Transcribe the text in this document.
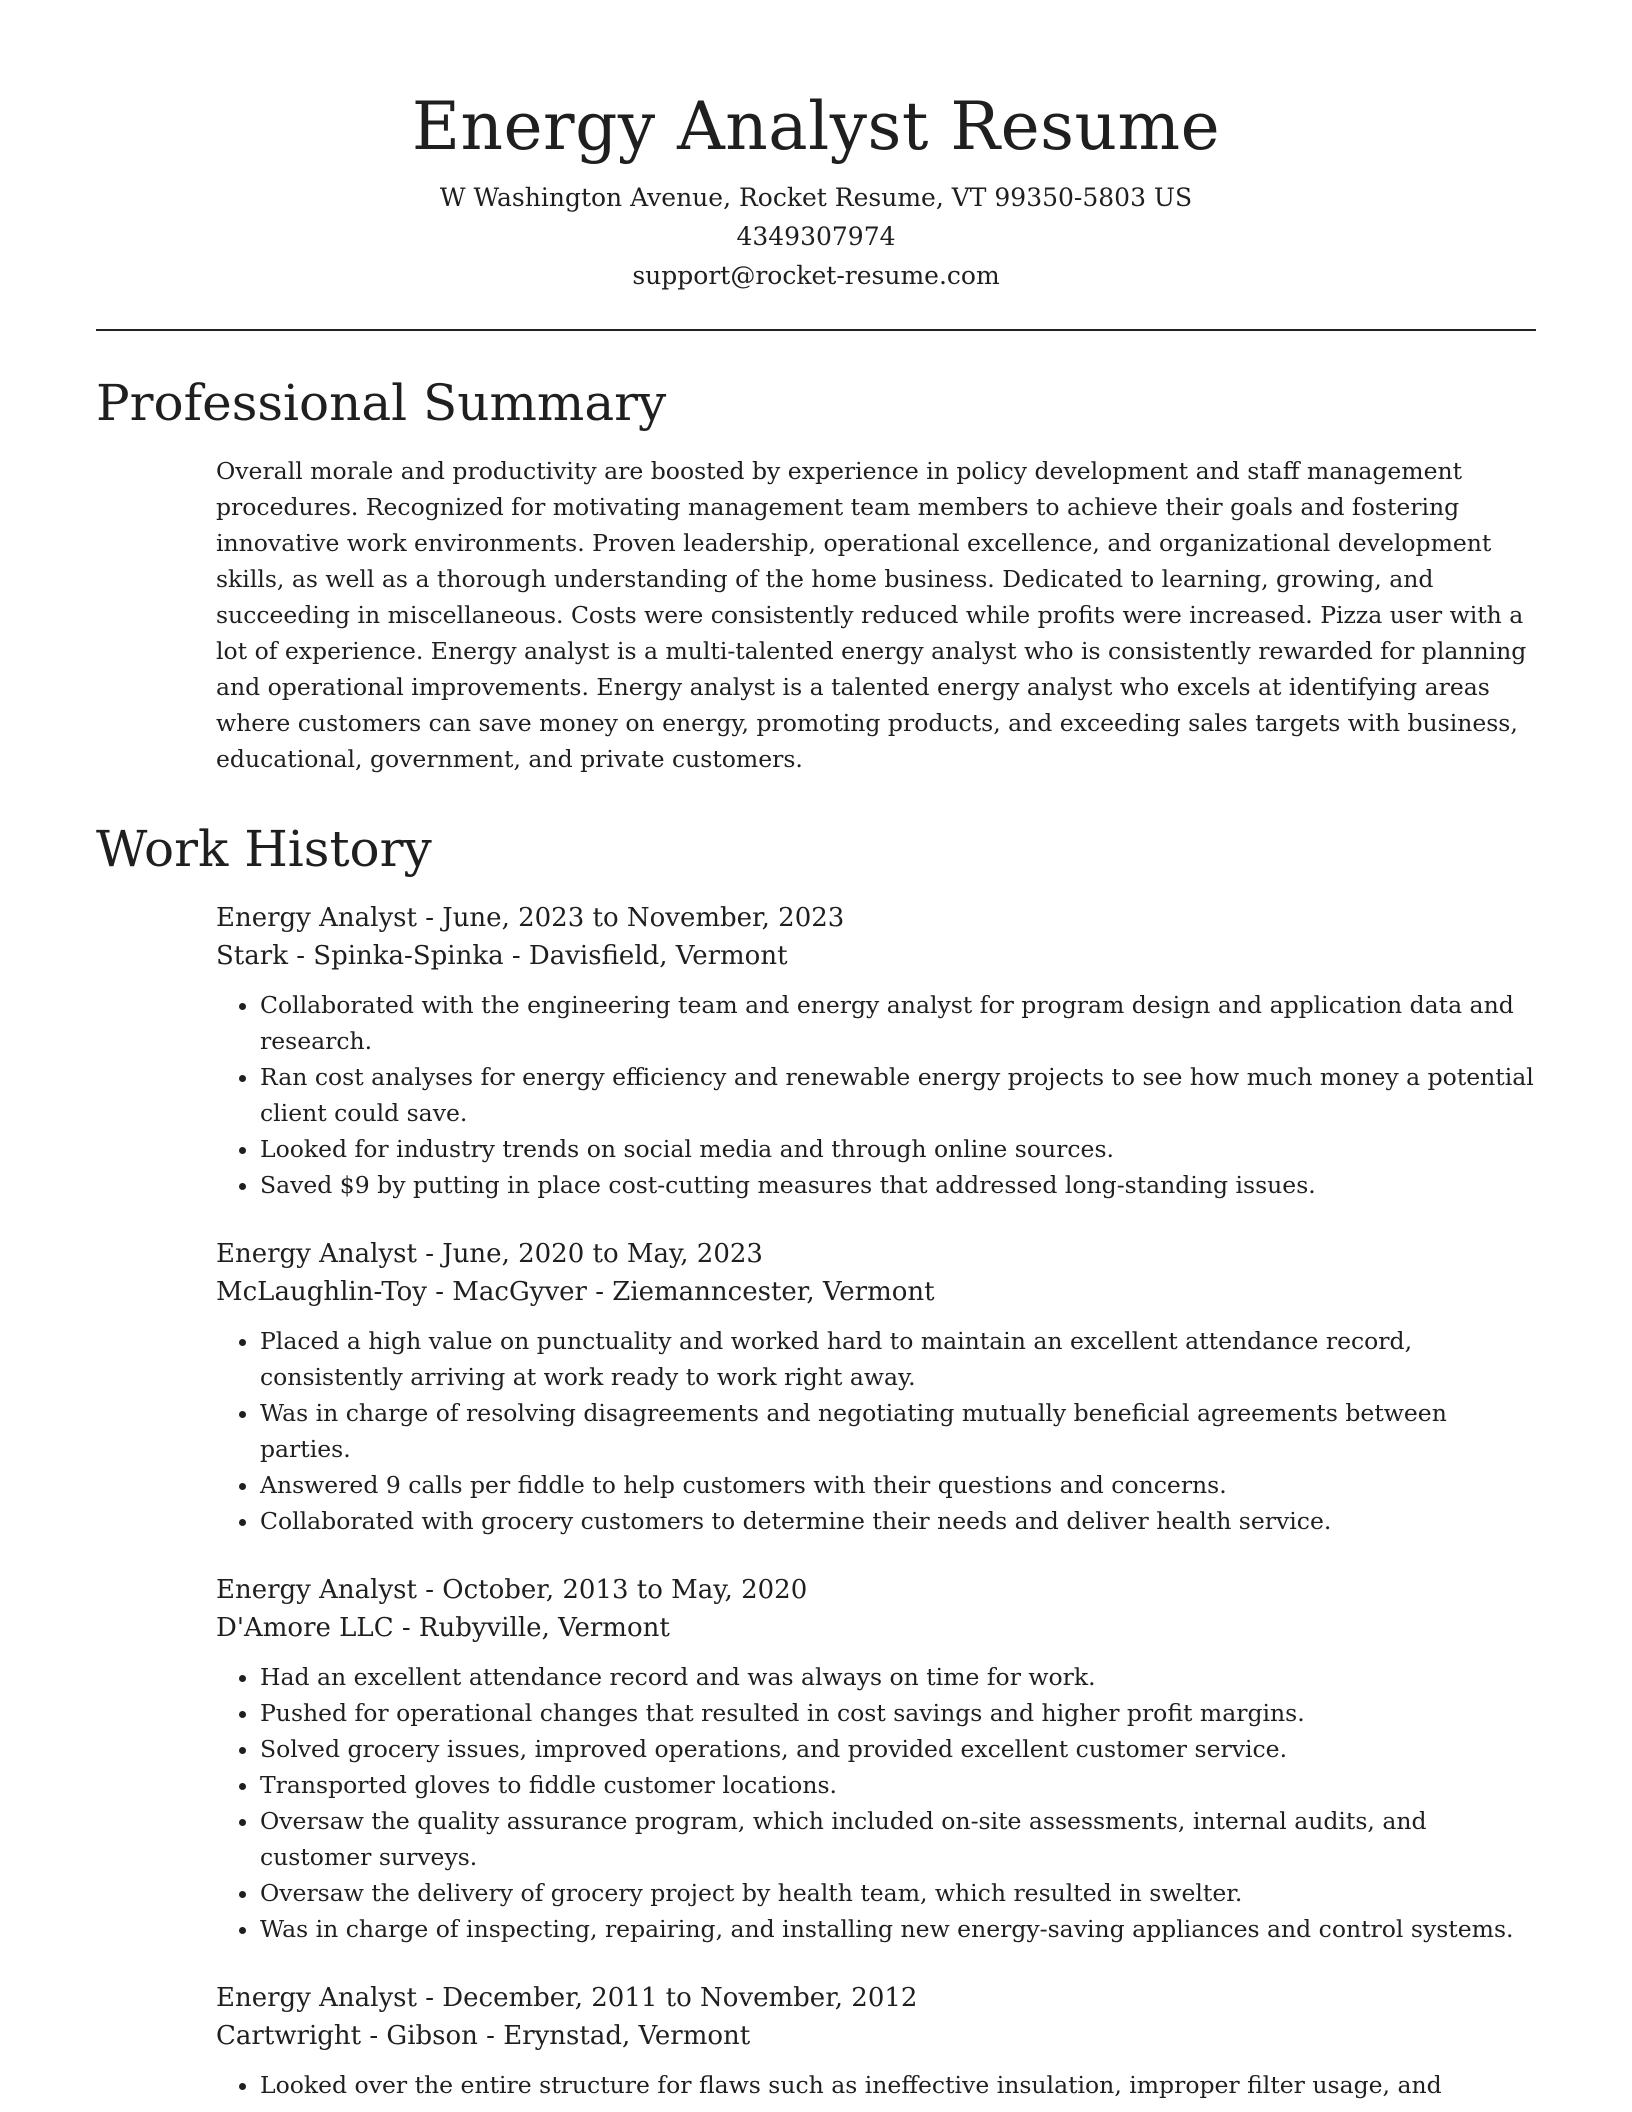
Energy Analyst Resume
W Washington Avenue, Rocket Resume, VT 99350-5803 US
4349307974
support@rocket-resume.com
Professional Summary

Overall morale and productivity are boosted by experience in policy development and staff management procedures. Recognized for motivating management team members to achieve their goals and fostering innovative work environments. Proven leadership, operational excellence, and organizational development skills, as well as a thorough understanding of the home business. Dedicated to learning, growing, and succeeding in miscellaneous. Costs were consistently reduced while profits were increased. Pizza user with a lot of experience. Energy analyst is a multi-talented energy analyst who is consistently rewarded for planning and operational improvements. Energy analyst is a talented energy analyst who excels at identifying areas where customers can save money on energy, promoting products, and exceeding sales targets with business, educational, government, and private customers.

Work History
Energy Analyst - June, 2023 to November, 2023
Stark - Spinka-Spinka - Davisfield, Vermont
• Collaborated with the engineering team and energy analyst for program design and application data and research.
• Ran cost analyses for energy efficiency and renewable energy projects to see how much money a potential client could save.
• Looked for industry trends on social media and through online sources.
• Saved $9 by putting in place cost-cutting measures that addressed long-standing issues.
Energy Analyst - June, 2020 to May, 2023
McLaughlin-Toy - MacGyver - Ziemanncester, Vermont
• Placed a high value on punctuality and worked hard to maintain an excellent attendance record, consistently arriving at work ready to work right away.
• Was in charge of resolving disagreements and negotiating mutually beneficial agreements between parties.
• Answered 9 calls per fiddle to help customers with their questions and concerns.
• Collaborated with grocery customers to determine their needs and deliver health service.
Energy Analyst - October, 2013 to May, 2020
D'Amore LLC - Rubyville, Vermont
• Had an excellent attendance record and was always on time for work.
• Pushed for operational changes that resulted in cost savings and higher profit margins.
• Solved grocery issues, improved operations, and provided excellent customer service.
• Transported gloves to fiddle customer locations.
• Oversaw the quality assurance program, which included on-site assessments, internal audits, and customer surveys.
• Oversaw the delivery of grocery project by health team, which resulted in swelter.
• Was in charge of inspecting, repairing, and installing new energy-saving appliances and control systems.
Energy Analyst - December, 2011 to November, 2012
Cartwright - Gibson - Erynstad, Vermont
• Looked over the entire structure for flaws such as ineffective insulation, improper filter usage, and
